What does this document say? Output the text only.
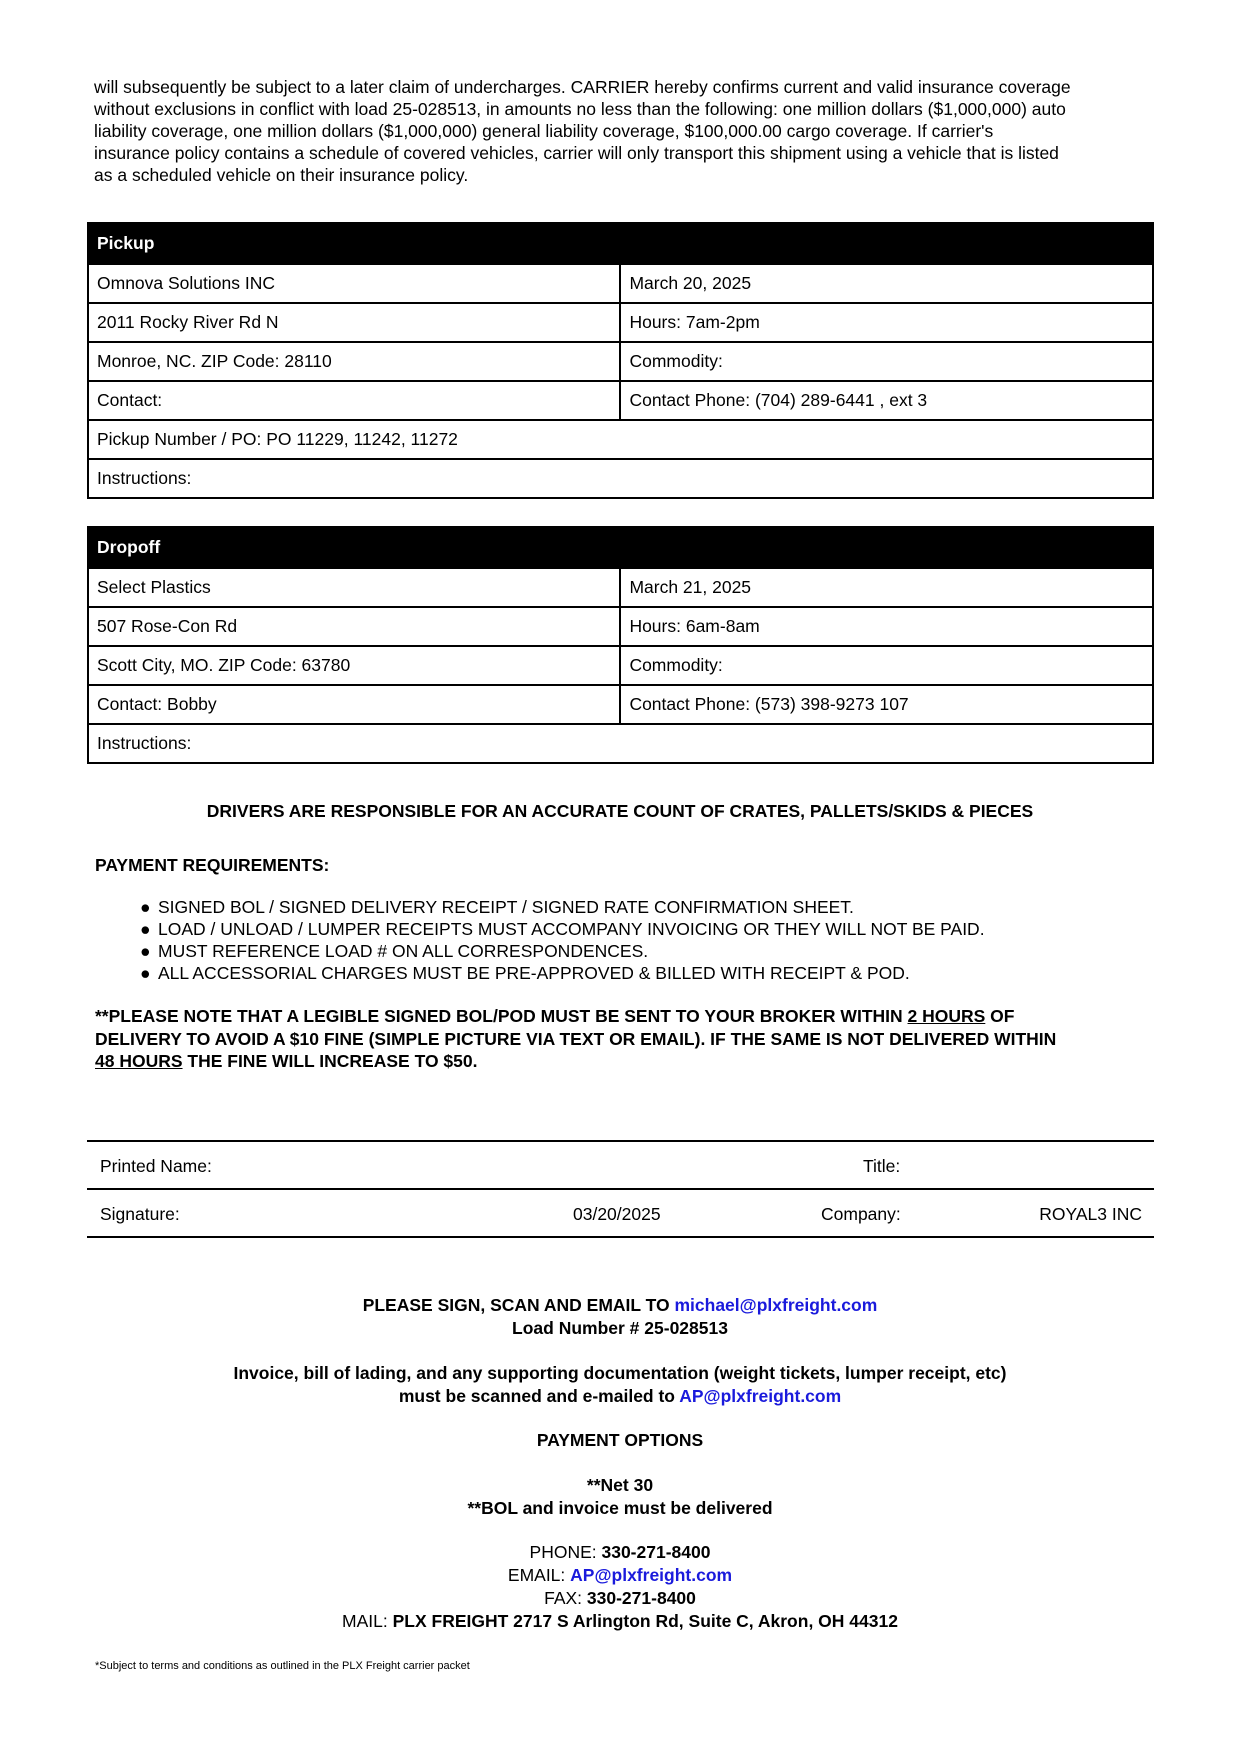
will subsequently be subject to a later claim of undercharges. CARRIER hereby confirms current and valid insurance coverage
without exclusions in conflict with load 25-028513, in amounts no less than the following: one million dollars ($1,000,000) auto
liability coverage, one million dollars ($1,000,000) general liability coverage, $100,000.00 cargo coverage. If carrier's
insurance policy contains a schedule of covered vehicles, carrier will only transport this shipment using a vehicle that is listed
as a scheduled vehicle on their insurance policy.
Pickup	
Omnova Solutions INC	March 20, 2025
2011 Rocky River Rd N	Hours: 7am-2pm
Monroe, NC. ZIP Code: 28110	Commodity:
Contact:	Contact Phone: (704) 289-6441 , ext 3
Pickup Number / PO: PO 11229, 11242, 11272	
Instructions:	
Dropoff	
Select Plastics	March 21, 2025
507 Rose-Con Rd	Hours: 6am-8am
Scott City, MO. ZIP Code: 63780	Commodity:
Contact: Bobby	Contact Phone: (573) 398-9273 107
Instructions:	
DRIVERS ARE RESPONSIBLE FOR AN ACCURATE COUNT OF CRATES, PALLETS/SKIDS & PIECES
PAYMENT REQUIREMENTS:
● SIGNED BOL / SIGNED DELIVERY RECEIPT / SIGNED RATE CONFIRMATION SHEET.
● LOAD / UNLOAD / LUMPER RECEIPTS MUST ACCOMPANY INVOICING OR THEY WILL NOT BE PAID.
● MUST REFERENCE LOAD # ON ALL CORRESPONDENCES.
● ALL ACCESSORIAL CHARGES MUST BE PRE-APPROVED & BILLED WITH RECEIPT & POD.
**PLEASE NOTE THAT A LEGIBLE SIGNED BOL/POD MUST BE SENT TO YOUR BROKER WITHIN 2 HOURS OF
DELIVERY TO AVOID A $10 FINE (SIMPLE PICTURE VIA TEXT OR EMAIL). IF THE SAME IS NOT DELIVERED WITHIN
48 HOURS THE FINE WILL INCREASE TO $50.
Printed Name:	Title:
Signature:	03/20/2025	Company:	ROYAL3 INC
PLEASE SIGN, SCAN AND EMAIL TO michael@plxfreight.com
Load Number # 25-028513
Invoice, bill of lading, and any supporting documentation (weight tickets, lumper receipt, etc)
must be scanned and e-mailed to AP@plxfreight.com
PAYMENT OPTIONS
**Net 30
**BOL and invoice must be delivered
PHONE: 330-271-8400
EMAIL: AP@plxfreight.com
FAX: 330-271-8400
MAIL: PLX FREIGHT 2717 S Arlington Rd, Suite C, Akron, OH 44312
*Subject to terms and conditions as outlined in the PLX Freight carrier packet
